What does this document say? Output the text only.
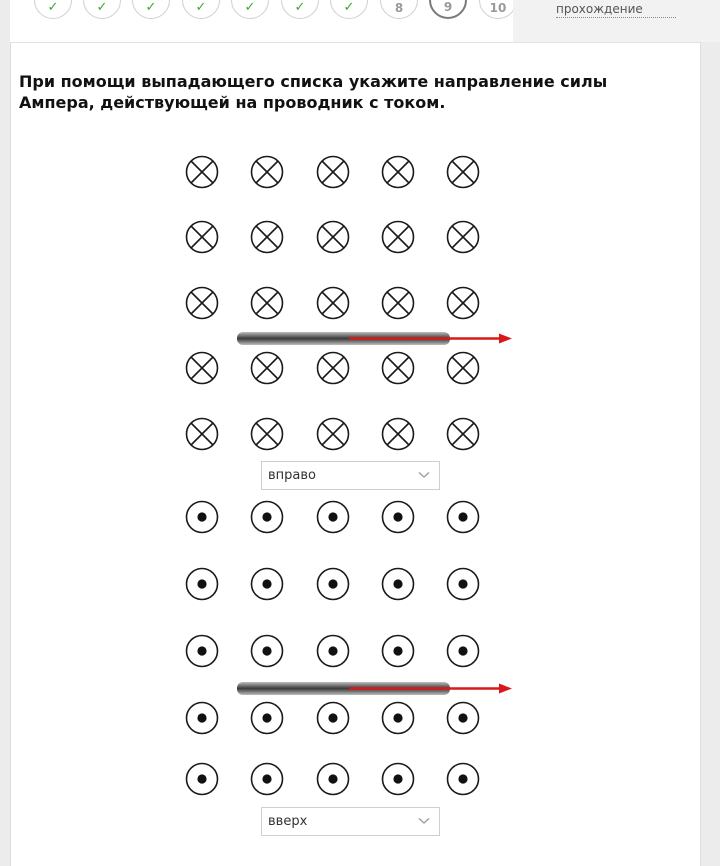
✓	✓	✓	✓	✓	✓	✓	8	9	10	прохождение

При помощи выпадающего списка укажите направление силы Ампера, действующей на проводник с током.

вправо
вверх
